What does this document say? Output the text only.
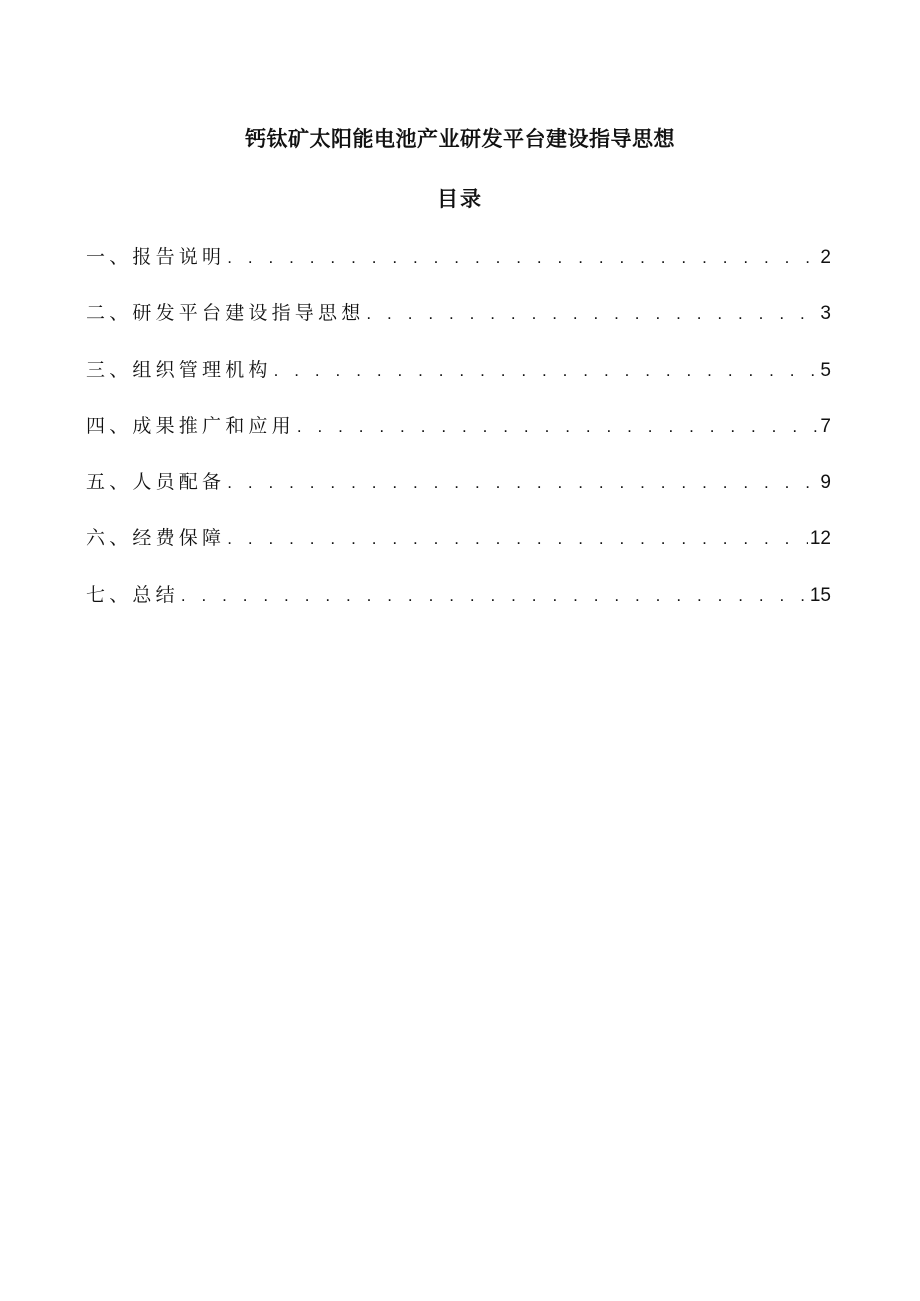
钙钛矿太阳能电池产业研发平台建设指导思想
目录
一、报告说明 . . .	2
二、研发平台建设指导思想 . . .	3
三、组织管理机构 . . .	5
四、成果推广和应用 . . .	7
五、人员配备 . . .	9
六、经费保障 . . .	12
七、总结 . . .	15
